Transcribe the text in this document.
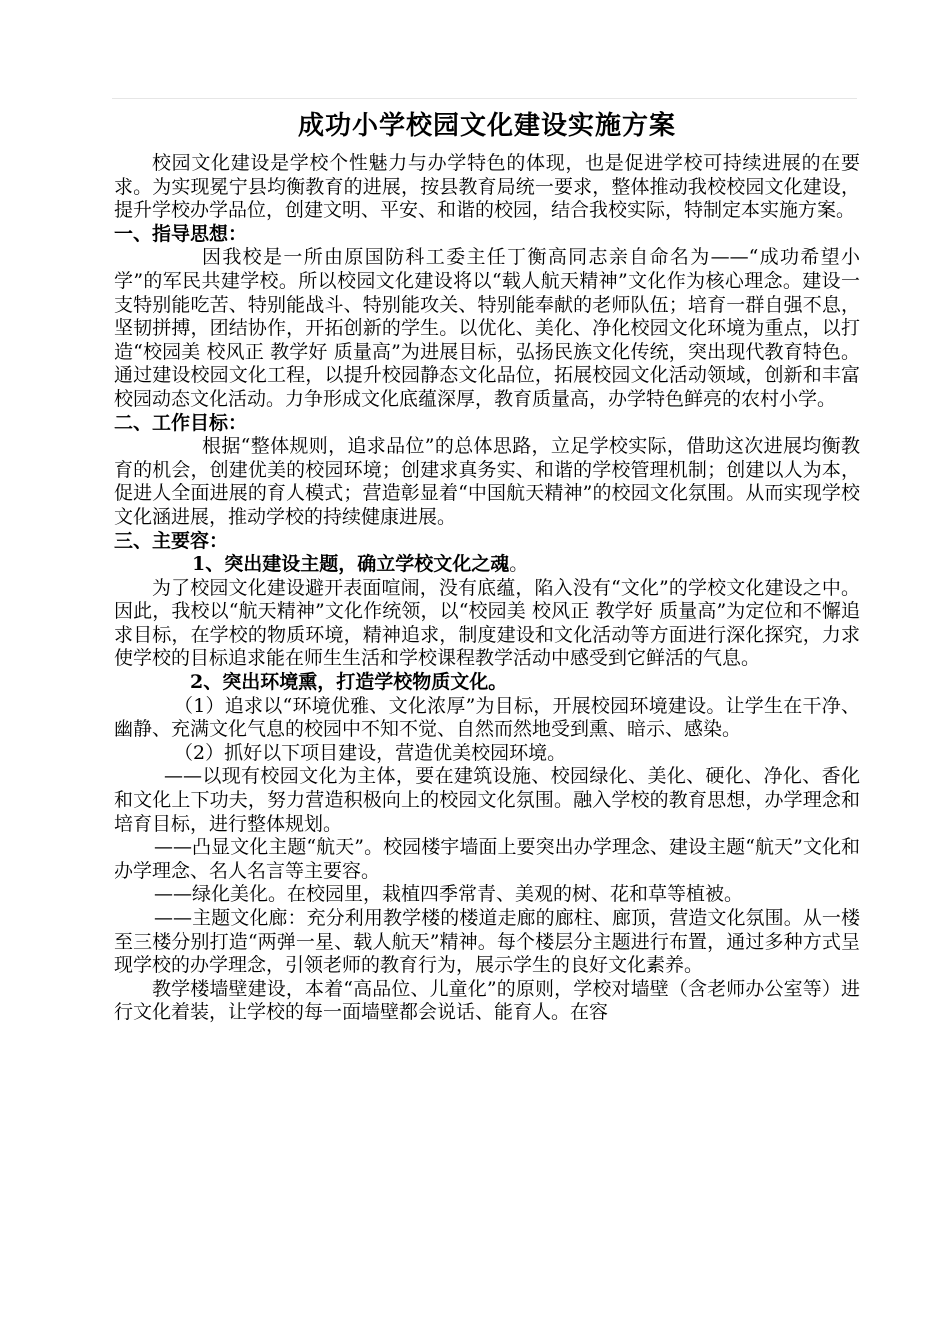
成功小学校园文化建设实施方案

校园文化建设是学校个性魅力与办学特色的体现，也是促进学校可持续进展的在要求。为实现冕宁县均衡教育的进展，按县教育局统一要求，整体推动我校校园文化建设，提升学校办学品位，创建文明、平安、和谐的校园，结合我校实际，特制定本实施方案。

一、指导思想：

因我校是一所由原国防科工委主任丁衡高同志亲自命名为——“成功希望小学”的军民共建学校。所以校园文化建设将以“载人航天精神”文化作为核心理念。建设一支特别能吃苦、特别能战斗、特别能攻关、特别能奉献的老师队伍；培育一群自强不息，坚韧拼搏，团结协作，开拓创新的学生。以优化、美化、净化校园文化环境为重点，以打造“校园美 校风正 教学好 质量高”为进展目标，弘扬民族文化传统，突出现代教育特色。通过建设校园文化工程，以提升校园静态文化品位，拓展校园文化活动领域，创新和丰富校园动态文化活动。力争形成文化底蕴深厚，教育质量高，办学特色鲜亮的农村小学。

二、工作目标：

根据“整体规则，追求品位”的总体思路，立足学校实际，借助这次进展均衡教育的机会，创建优美的校园环境；创建求真务实、和谐的学校管理机制；创建以人为本，促进人全面进展的育人模式；营造彰显着“中国航天精神”的校园文化氛围。从而实现学校文化涵进展，推动学校的持续健康进展。

三、主要容：

1、突出建设主题，确立学校文化之魂。

为了校园文化建设避开表面喧闹，没有底蕴，陷入没有“文化”的学校文化建设之中。因此，我校以“航天精神”文化作统领，以“校园美 校风正 教学好 质量高”为定位和不懈追求目标，在学校的物质环境，精神追求，制度建设和文化活动等方面进行深化探究，力求使学校的目标追求能在师生生活和学校课程教学活动中感受到它鲜活的气息。

2、突出环境熏，打造学校物质文化。

（1）追求以“环境优雅、文化浓厚”为目标，开展校园环境建设。让学生在干净、幽静、充满文化气息的校园中不知不觉、自然而然地受到熏、暗示、感染。

（2）抓好以下项目建设，营造优美校园环境。

——以现有校园文化为主体，要在建筑设施、校园绿化、美化、硬化、净化、香化和文化上下功夫，努力营造积极向上的校园文化氛围。融入学校的教育思想，办学理念和培育目标，进行整体规划。

——凸显文化主题“航天”。校园楼宇墙面上要突出办学理念、建设主题“航天”文化和办学理念、名人名言等主要容。

——绿化美化。在校园里，栽植四季常青、美观的树、花和草等植被。

——主题文化廊：充分利用教学楼的楼道走廊的廊柱、廊顶，营造文化氛围。从一楼至三楼分别打造“两弹一星、载人航天”精神。每个楼层分主题进行布置，通过多种方式呈现学校的办学理念，引领老师的教育行为，展示学生的良好文化素养。

教学楼墙壁建设，本着“高品位、儿童化”的原则，学校对墙壁（含老师办公室等）进行文化着装，让学校的每一面墙壁都会说话、能育人。在容
